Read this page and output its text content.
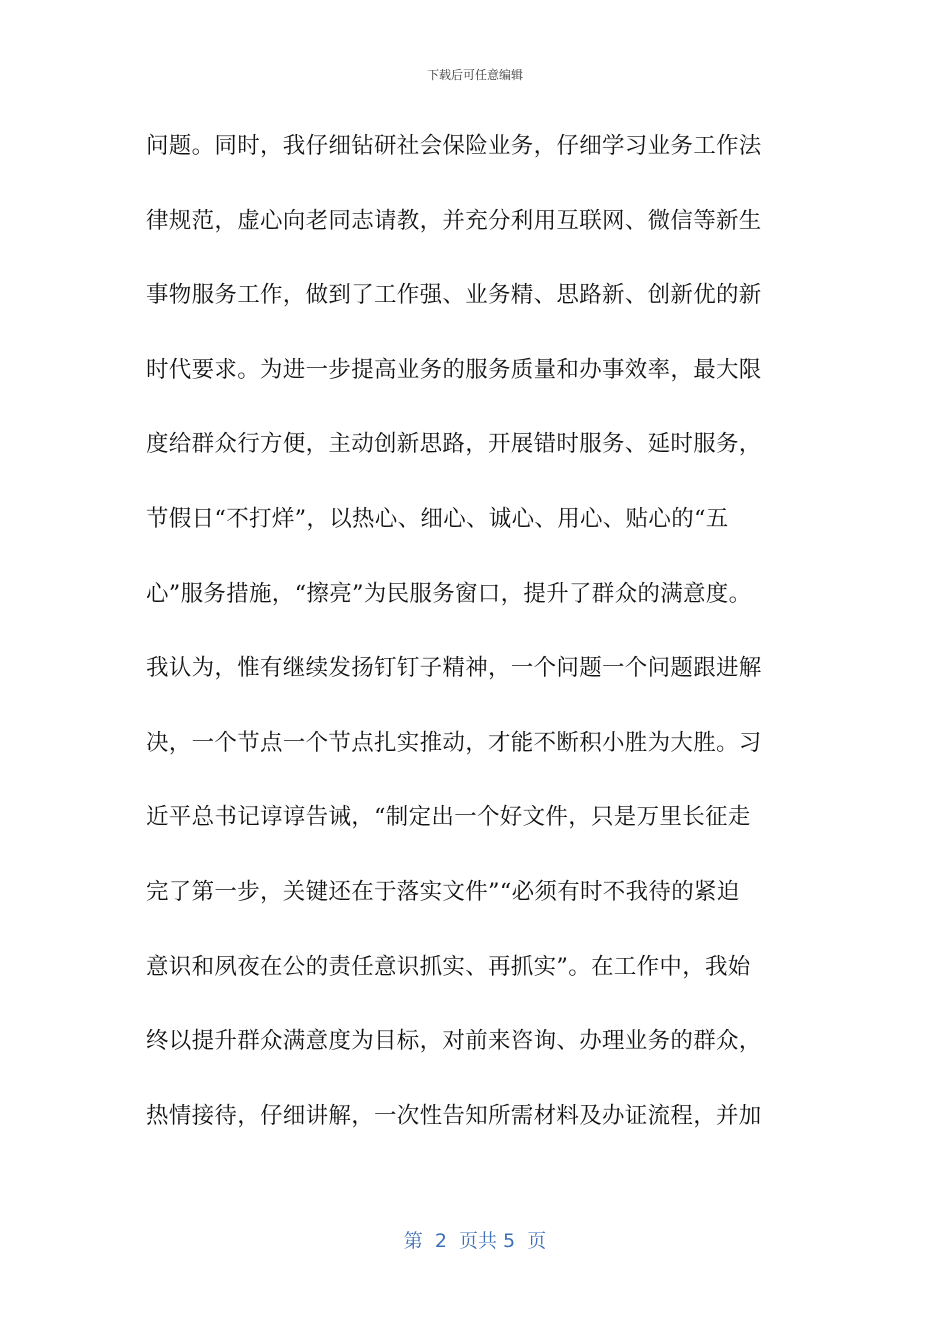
下载后可任意编辑
问题。同时，我仔细钻研社会保险业务，仔细学习业务工作法
律规范，虚心向老同志请教，并充分利用互联网、微信等新生
事物服务工作，做到了工作强、业务精、思路新、创新优的新
时代要求。为进一步提高业务的服务质量和办事效率，最大限
度给群众行方便，主动创新思路，开展错时服务、延时服务，
节假日“不打烊”，以热心、细心、诚心、用心、贴心的“五
心”服务措施，“擦亮”为民服务窗口，提升了群众的满意度。
我认为，惟有继续发扬钉钉子精神，一个问题一个问题跟进解
决，一个节点一个节点扎实推动，才能不断积小胜为大胜。习
近平总书记谆谆告诫，“制定出一个好文件，只是万里长征走
完了第一步，关键还在于落实文件”“必须有时不我待的紧迫
意识和夙夜在公的责任意识抓实、再抓实”。在工作中，我始
终以提升群众满意度为目标，对前来咨询、办理业务的群众，
热情接待，仔细讲解，一次性告知所需材料及办证流程，并加
第  2  页共 5  页
